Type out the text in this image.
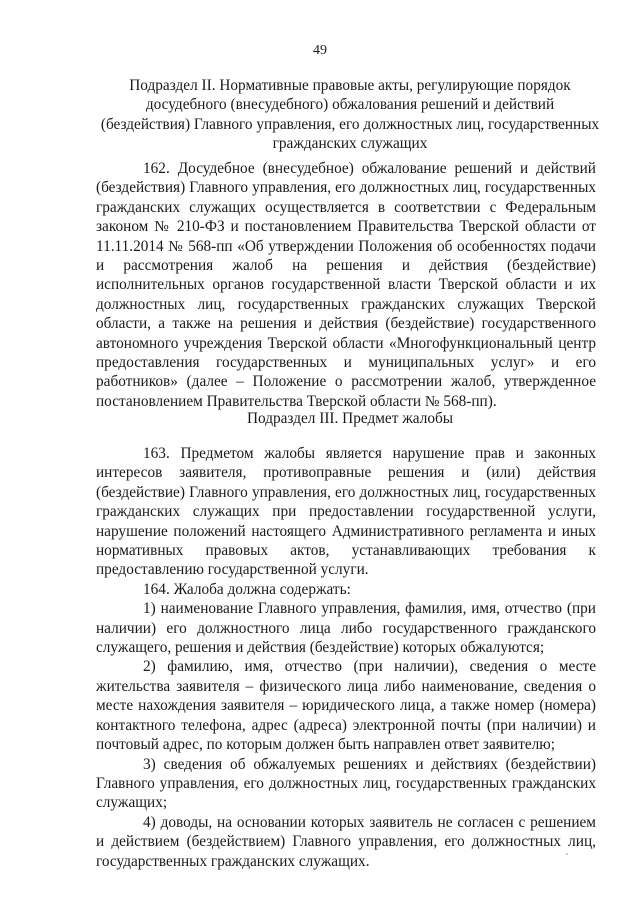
49
Подраздел II. Нормативные правовые акты, регулирующие порядок досудебного (внесудебного) обжалования решений и действий (бездействия) Главного управления, его должностных лиц, государственных гражданских служащих

162. Досудебное (внесудебное) обжалование решений и действий (бездействия) Главного управления, его должностных лиц, государственных гражданских служащих осуществляется в соответствии с Федеральным законом № 210-ФЗ и постановлением Правительства Тверской области от 11.11.2014 № 568-пп «Об утверждении Положения об особенностях подачи и рассмотрения жалоб на решения и действия (бездействие) исполнительных органов государственной власти Тверской области и их должностных лиц, государственных гражданских служащих Тверской области, а также на решения и действия (бездействие) государственного автономного учреждения Тверской области «Многофункциональный центр предоставления государственных и муниципальных услуг» и его работников» (далее – Положение о рассмотрении жалоб, утвержденное постановлением Правительства Тверской области № 568-пп).

Подраздел III. Предмет жалобы

163. Предметом жалобы является нарушение прав и законных интересов заявителя, противоправные решения и (или) действия (бездействие) Главного управления, его должностных лиц, государственных гражданских служащих при предоставлении государственной услуги, нарушение положений настоящего Административного регламента и иных нормативных правовых актов, устанавливающих требования к предоставлению государственной услуги.

164. Жалоба должна содержать:

1) наименование Главного управления, фамилия, имя, отчество (при наличии) его должностного лица либо государственного гражданского служащего, решения и действия (бездействие) которых обжалуются;

2) фамилию, имя, отчество (при наличии), сведения о месте жительства заявителя – физического лица либо наименование, сведения о месте нахождения заявителя – юридического лица, а также номер (номера) контактного телефона, адрес (адреса) электронной почты (при наличии) и почтовый адрес, по которым должен быть направлен ответ заявителю;

3) сведения об обжалуемых решениях и действиях (бездействии) Главного управления, его должностных лиц, государственных гражданских служащих;

4) доводы, на основании которых заявитель не согласен с решением и действием (бездействием) Главного управления, его должностных лиц, государственных гражданских служащих.
